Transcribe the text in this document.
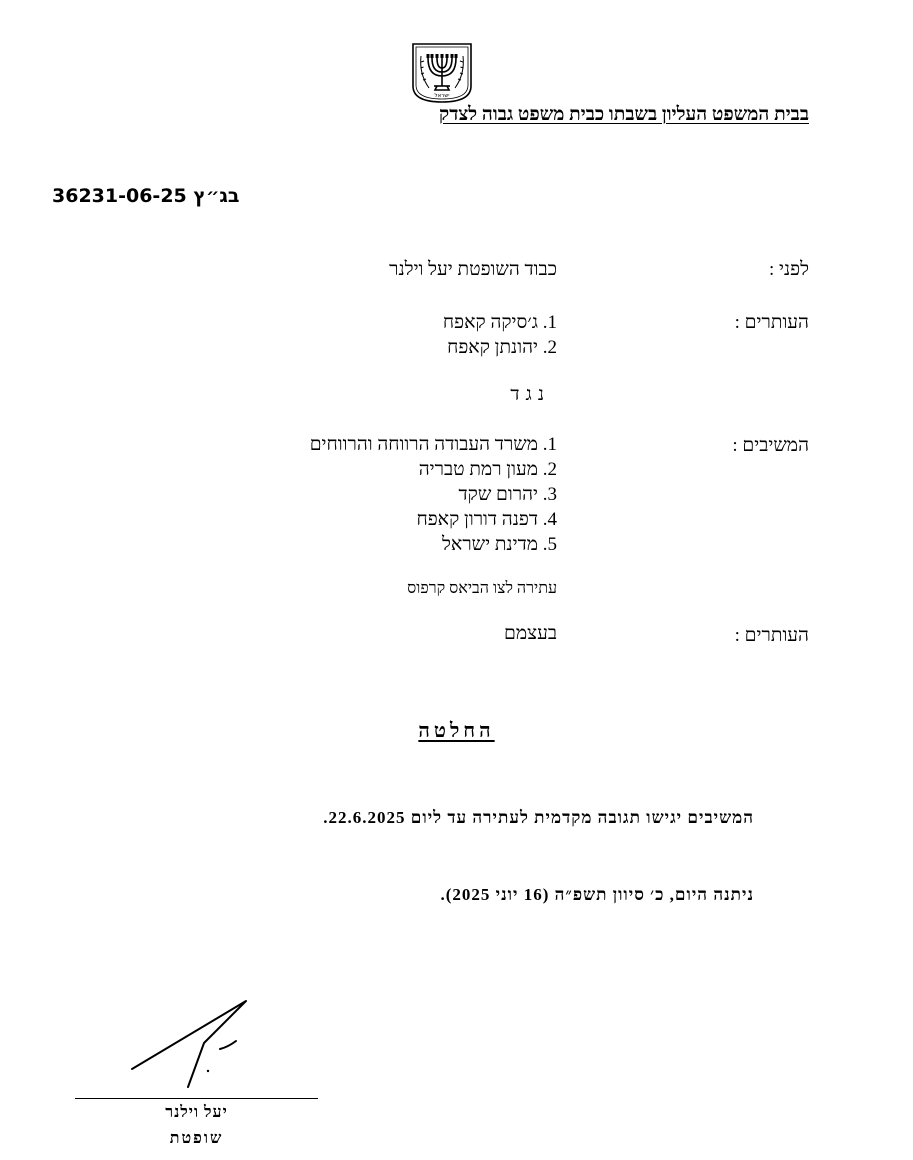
ישראל
בבית המשפט העליון בשבתו כבית משפט גבוה לצדק
בג״ץ 36231-06-25
לפני :
כבוד השופטת יעל וילנר
העותרים :
1. ג׳סיקה קאפח
2. יהונתן קאפח
נגד
המשיבים :
1. משרד העבודה הרווחה והרווחים
2. מעון רמת טבריה
3. יהרום שקד
4. דפנה דורון קאפח
5. מדינת ישראל
עתירה לצו הביאס קרפוס
העותרים :
בעצמם
החלטה
המשיבים יגישו תגובה מקדמית לעתירה עד ליום 22.6.2025.
ניתנה היום, כ׳ סיוון תשפ״ה (16 יוני 2025).
יעל וילנר
שופטת
